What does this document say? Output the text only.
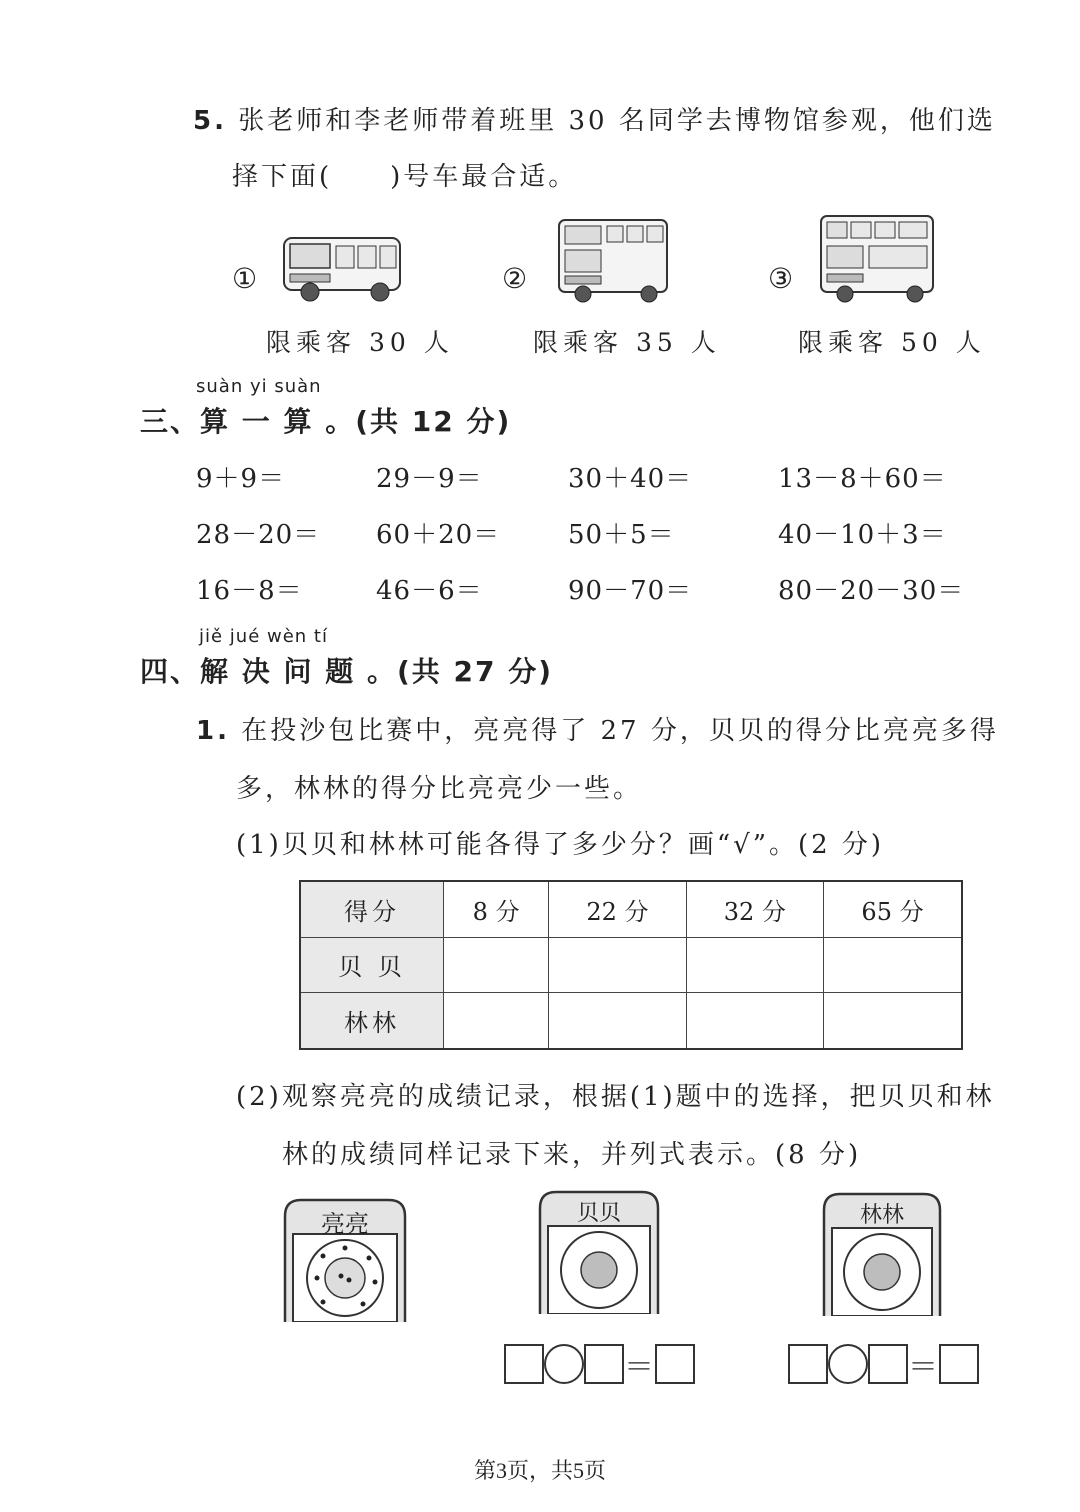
5. 张老师和李老师带着班里 30 名同学去博物馆参观，他们选
择下面(　　)号车最合适。
①
限乘客 30 人
②
限乘客 35 人
③
限乘客 50 人
suàn yi suàn
三、算 一 算 。(共 12 分)
9＋9＝	29－9＝	30＋40＝	13－8＋60＝
28－20＝ 60＋20＝	50＋5＝	40－10＋3＝
16－8＝	46－6＝	90－70＝	80－20－30＝
jiě jué wèn tí
四、解 决 问 题 。(共 27 分)
1. 在投沙包比赛中，亮亮得了 27 分，贝贝的得分比亮亮多得
多，林林的得分比亮亮少一些。
(1)贝贝和林林可能各得了多少分？画“√”。(2 分)
得分	8 分	22 分	32 分	65 分
贝 贝				
林林				
(2)观察亮亮的成绩记录，根据(1)题中的选择，把贝贝和林
林的成绩同样记录下来，并列式表示。(8 分)
亮亮	贝贝	林林
＝	＝
第3页，共5页
